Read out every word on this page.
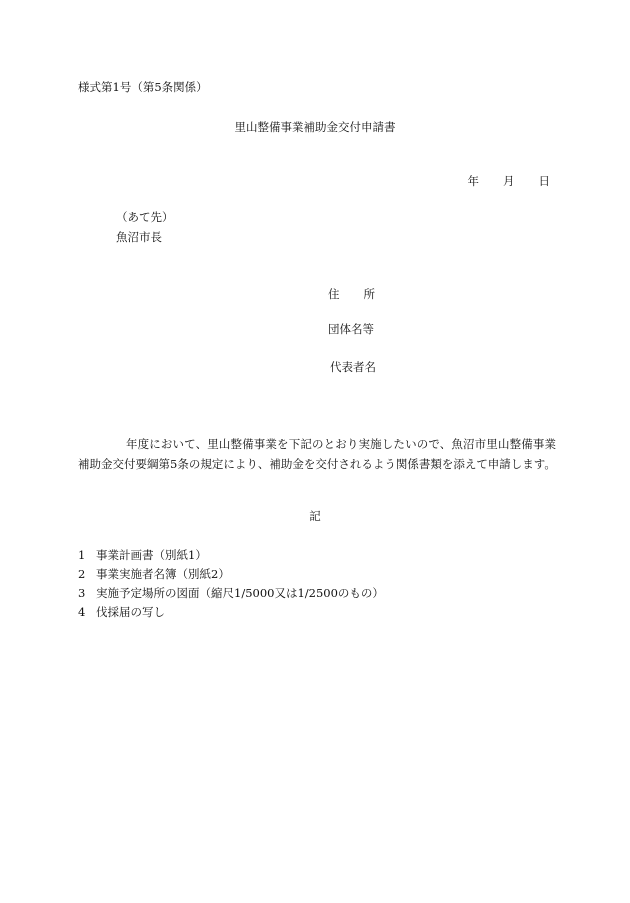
様式第1号（第5条関係）
里山整備事業補助金交付申請書
年 月 日
（あて先）
魚沼市長
住 所
団体名等
代表者名

年度において、里山整備事業を下記のとおり実施したいので、魚沼市里山整備事業補助金交付要綱第5条の規定により、補助金を交付されるよう関係書類を添えて申請します。

記
1 事業計画書（別紙1）
2 事業実施者名簿（別紙2）
3 実施予定場所の図面（縮尺1/5000又は1/2500のもの）
4 伐採届の写し
